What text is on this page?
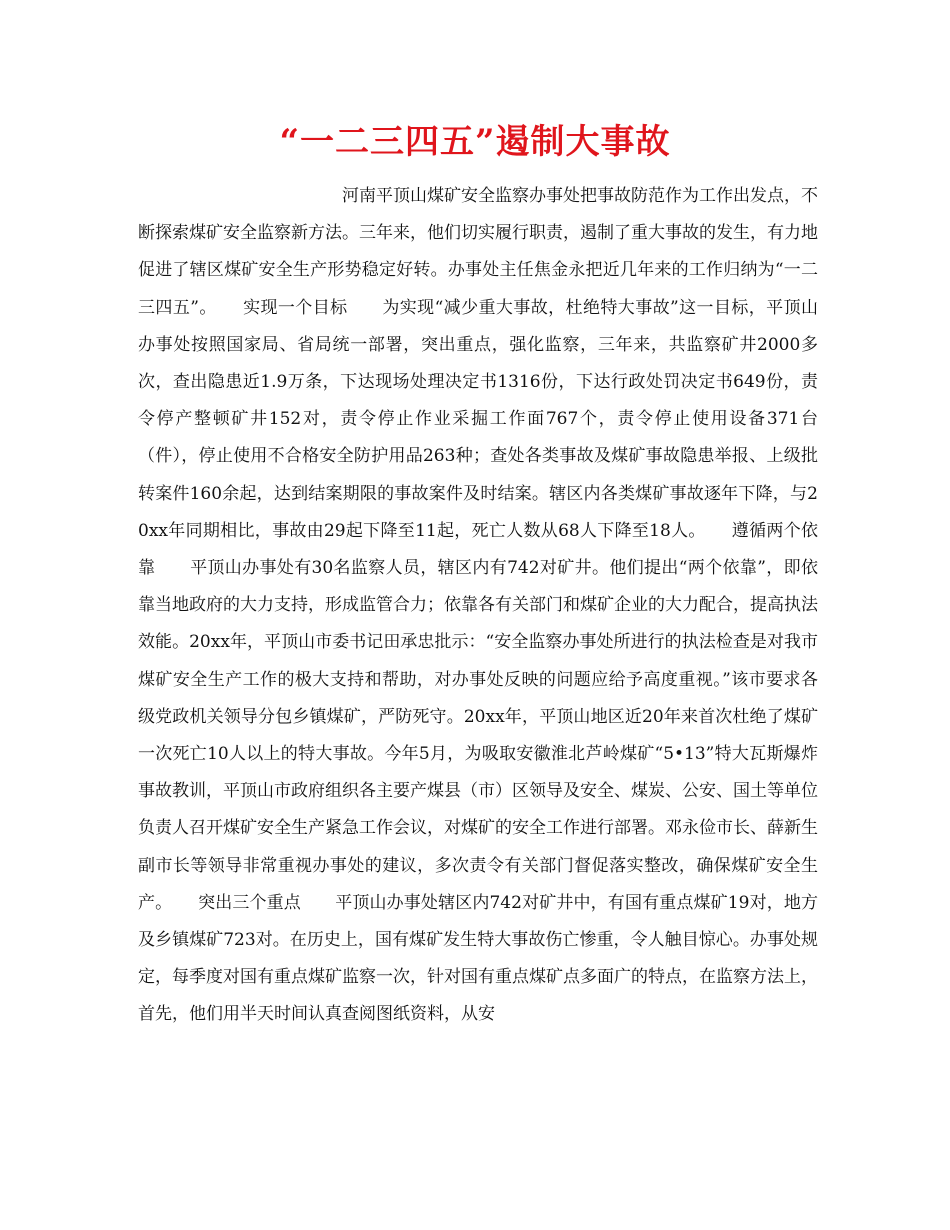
“一二三四五”遏制大事故

河南平顶山煤矿安全监察办事处把事故防范作为工作出发点，不断探索煤矿安全监察新方法。三年来，他们切实履行职责，遏制了重大事故的发生，有力地促进了辖区煤矿安全生产形势稳定好转。办事处主任焦金永把近几年来的工作归纳为“一二三四五”。　　实现一个目标　　为实现“减少重大事故，杜绝特大事故”这一目标，平顶山办事处按照国家局、省局统一部署，突出重点，强化监察，三年来，共监察矿井2000多次，查出隐患近1.9万条，下达现场处理决定书1316份，下达行政处罚决定书649份，责令停产整顿矿井152对，责令停止作业采掘工作面767个，责令停止使用设备371台（件），停止使用不合格安全防护用品263种；查处各类事故及煤矿事故隐患举报、上级批转案件160余起，达到结案期限的事故案件及时结案。辖区内各类煤矿事故逐年下降，与20xx年同期相比，事故由29起下降至11起，死亡人数从68人下降至18人。　　遵循两个依靠　　平顶山办事处有30名监察人员，辖区内有742对矿井。他们提出“两个依靠”，即依靠当地政府的大力支持，形成监管合力；依靠各有关部门和煤矿企业的大力配合，提高执法效能。20xx年，平顶山市委书记田承忠批示：“安全监察办事处所进行的执法检查是对我市煤矿安全生产工作的极大支持和帮助，对办事处反映的问题应给予高度重视。”该市要求各级党政机关领导分包乡镇煤矿，严防死守。20xx年，平顶山地区近20年来首次杜绝了煤矿一次死亡10人以上的特大事故。今年5月，为吸取安徽淮北芦岭煤矿“5•13”特大瓦斯爆炸事故教训，平顶山市政府组织各主要产煤县（市）区领导及安全、煤炭、公安、国土等单位负责人召开煤矿安全生产紧急工作会议，对煤矿的安全工作进行部署。邓永俭市长、薛新生副市长等领导非常重视办事处的建议，多次责令有关部门督促落实整改，确保煤矿安全生产。　　突出三个重点　　平顶山办事处辖区内742对矿井中，有国有重点煤矿19对，地方及乡镇煤矿723对。在历史上，国有煤矿发生特大事故伤亡惨重，令人触目惊心。办事处规定，每季度对国有重点煤矿监察一次，针对国有重点煤矿点多面广的特点，在监察方法上，首先，他们用半天时间认真查阅图纸资料，从安
